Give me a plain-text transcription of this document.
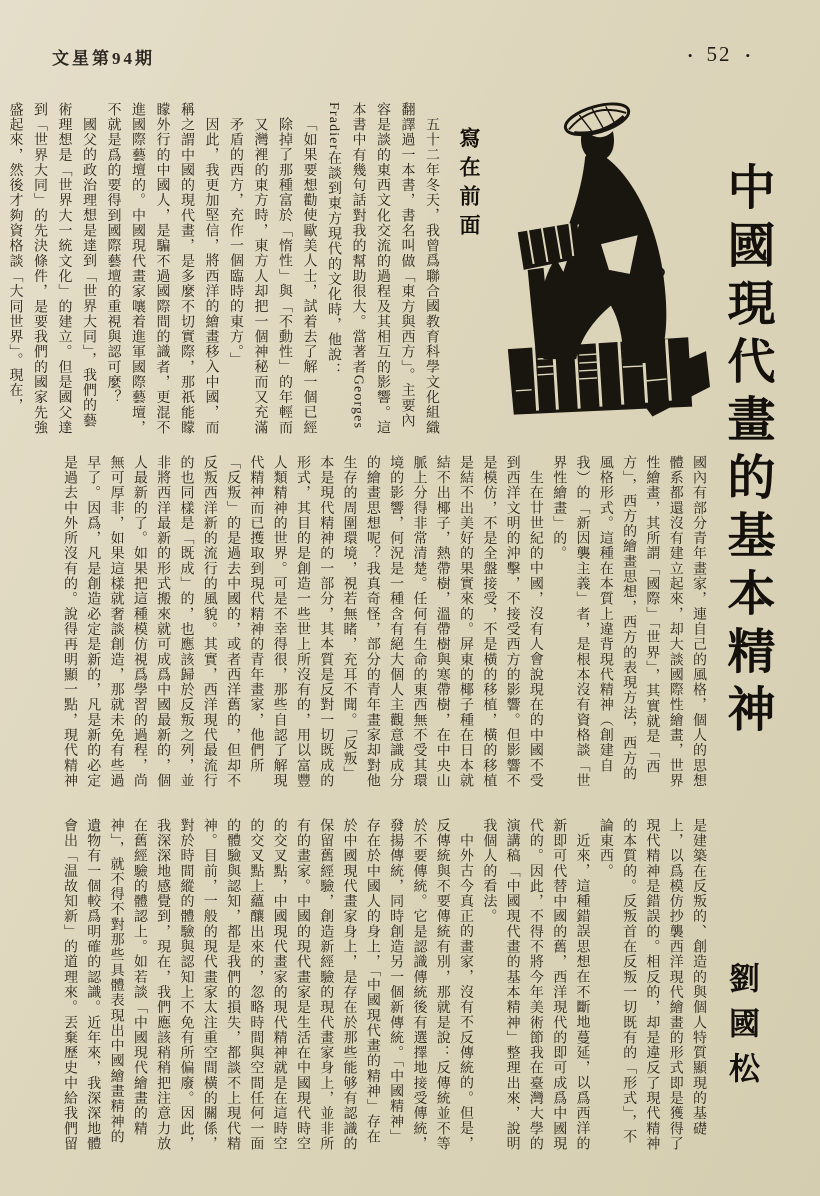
文星第94期	• 52 •
中國現代畫的基本精神
劉國松
寫在前面

五十二年冬天，我曾爲聯合國教育科學文化組織翻譯過一本書，書名叫做「東方與西方」。主要內容是談的東西文化交流的過程及其相互的影響。這本書中有幾句話對我的幫助很大。當著者Georges Fradier在談到東方現代的文化時，他說：

「如果要想勸使歐美人士，試着去了解一個已經除掉了那種富於「惰性」與「不動性」的年輕而又灣裡的東方時，東方人却把一個神秘而又充滿矛盾的西方，充作一個臨時的東方。」

因此，我更加堅信，將西洋的繪畫移入中國，而稱之謂中國的現代畫，是多麼不切實際，那祇能矇矇外行的中國人，是騙不過國際間的識者，更混不進國際藝壇的。中國現代畫家嚷着進軍國際藝壇，不就是爲的要得到國際藝壇的重視與認可麼？

國父的政治理想是達到「世界大同」，我們的藝術理想是「世界大一統文化」的建立。但是國父達到「世界大同」的先決條件，是要我們的國家先強盛起來，然後才夠資格談「大同世界」。現在，

國內有部分青年畫家，連自己的風格，個人的思想體系都還沒有建立起來，却大談國際性繪畫，世界性繪畫，其所謂「國際」「世界」，其實就是「西方」，西方的繪畫思想，西方的表現方法，西方的風格形式。這種在本質上違背現代精神（創建自我）的「新因襲主義」者，是根本沒有資格談「世界性繪畫」的。

生在廿世紀的中國，沒有人會說現在的中國不受到西洋文明的沖擊，不接受西方的影響。但影響不是模仿，不是全盤接受，不是橫的移植，橫的移植是結不出美好的果實來的。屏東的椰子種在日本就結不出椰子，熱帶樹，溫帶樹與寒帶樹，在中央山脈上分得非常清楚。任何有生命的東西無不受其環境的影響，何況是一種含有絕大個人主觀意識成分的繪畫思想呢？我真奇怪，部分的青年畫家却對他生存的周圍環境，視若無睹，充耳不聞。「反叛」本是現代精神的一部分，其本質是反對一切既成的形式，其目的是創造一些世上所沒有的，用以富豐人類精神的世界。可是不幸得很，那些自認了解現代精神而已擭取到現代精神的青年畫家，他們所「反叛」的是過去中國的，或者西洋舊的，但却不反叛西洋新的流行的風貌。其實，西洋現代最流行的也同樣是「既成」的，也應該歸於反叛之列，並非將西洋最新的形式搬來就可成爲中國最新的，個人最新的了。如果把這種模仿視爲學習的過程，尚無可厚非，如果這樣就奢談創造，那就未免有些過早了。因爲，凡是創造必定是新的，凡是新的必定是過去中外所沒有的。說得再明顯一點，現代精神

是建築在反叛的、創造的與個人特質顯現的基礎上，以爲模仿抄襲西洋現代繪畫的形式即是獲得了現代精神是錯誤的。相反的，却是違反了現代精神的本質的。反叛首在反叛一切既有的「形式」，不論東西。

近來，這種錯誤思想在不斷地蔓延，以爲西洋的新即可代替中國的舊，西洋現代的即可成爲中國現代的。因此，不得不將今年美術節我在臺灣大學的演講稿「中國現代畫的基本精神」整理出來，說明我個人的看法。

中外古今真正的畫家，沒有不反傳統的。但是，反傳統與不要傳統有別，那就是說：反傳統並不等於不要傳統。它是認識傳統後有選擇地接受傳統，發揚傳統，同時創造另一個新傳統。「中國精神」存在於中國人的身上，「中國現代畫的精神」存在於中國現代畫家身上，是存在於那些能够有認識的保留舊經驗，創造新經驗的現代畫家身上，並非所有的畫家。中國的現代畫家是生活在中國現代時空的交叉點，中國現代畫家的現代精神就是在這時空的交叉點上蘊釀出來的，忽略時間與空間任何一面的體驗與認知，都是我們的損失，都談不上現代精神。目前，一般的現代畫家太注重空間橫的關係，對於時間縱的體驗與認知上不免有所偏廢。因此，我深深地感覺到，現在，我們應該稍稍把注意力放在舊經驗的體認上。如若談「中國現代繪畫的精神」，就不得不對那些具體表現出中國繪畫精神的遺物有一個較爲明確的認識。近年來，我深深地體會出「温故知新」的道理來。丟棄歷史中給我們留
